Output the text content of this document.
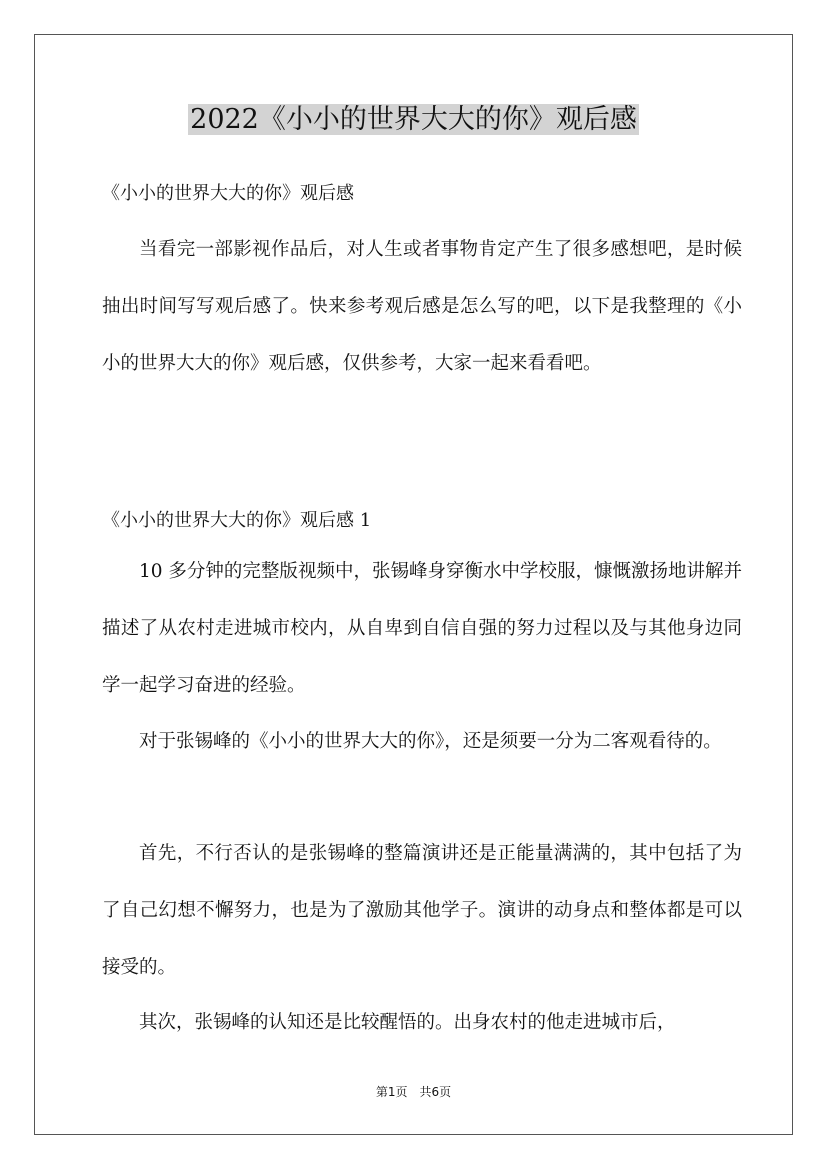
2022《小小的世界大大的你》观后感
《小小的世界大大的你》观后感

当看完一部影视作品后，对人生或者事物肯定产生了很多感想吧，是时候抽出时间写写观后感了。快来参考观后感是怎么写的吧，以下是我整理的《小小的世界大大的你》观后感，仅供参考，大家一起来看看吧。

《小小的世界大大的你》观后感 1

10 多分钟的完整版视频中，张锡峰身穿衡水中学校服，慷慨激扬地讲解并描述了从农村走进城市校内，从自卑到自信自强的努力过程以及与其他身边同学一起学习奋进的经验。

对于张锡峰的《小小的世界大大的你》，还是须要一分为二客观看待的。

首先，不行否认的是张锡峰的整篇演讲还是正能量满满的，其中包括了为了自己幻想不懈努力，也是为了激励其他学子。演讲的动身点和整体都是可以接受的。

其次，张锡峰的认知还是比较醒悟的。出身农村的他走进城市后，

第1页　共6页
